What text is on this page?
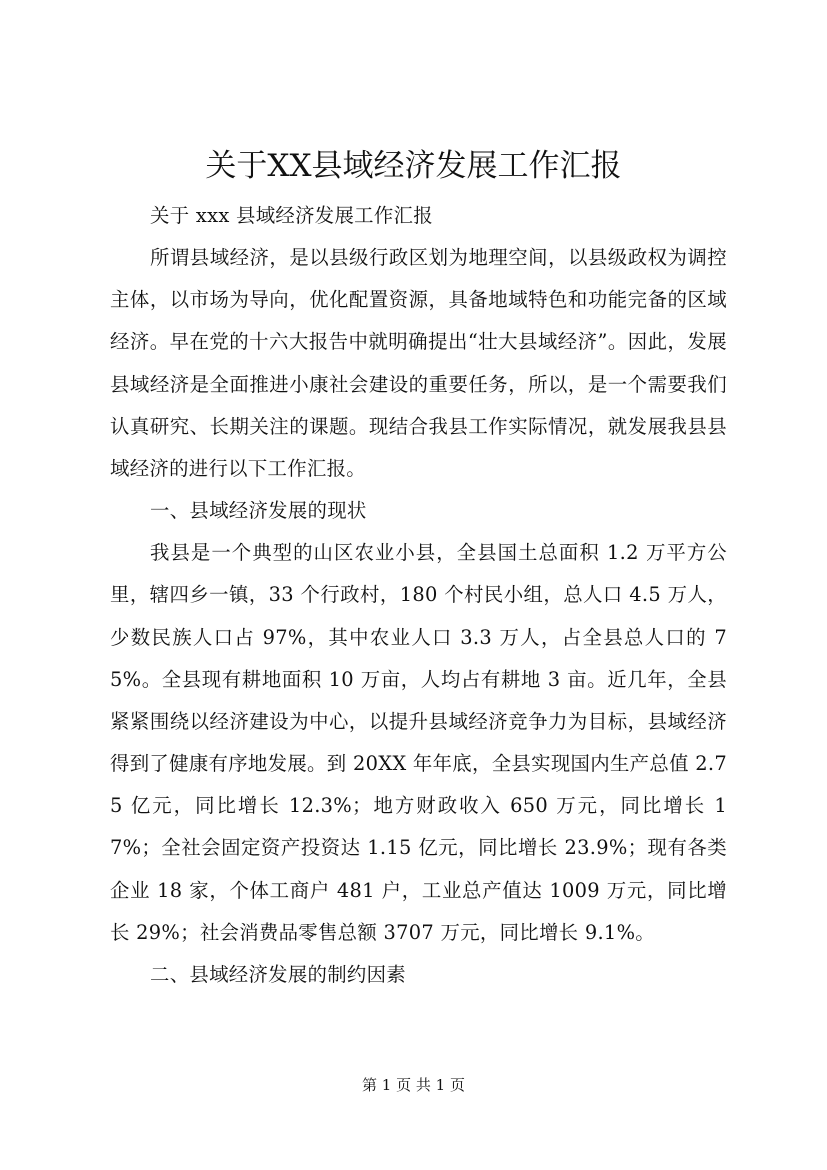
关于XX县域经济发展工作汇报

关于 xxx 县域经济发展工作汇报

所谓县域经济，是以县级行政区划为地理空间，以县级政权为调控主体，以市场为导向，优化配置资源，具备地域特色和功能完备的区域经济。早在党的十六大报告中就明确提出“壮大县域经济”。因此，发展县域经济是全面推进小康社会建设的重要任务，所以，是一个需要我们认真研究、长期关注的课题。现结合我县工作实际情况，就发展我县县域经济的进行以下工作汇报。

一、县域经济发展的现状

我县是一个典型的山区农业小县，全县国土总面积 1.2 万平方公里，辖四乡一镇，33 个行政村，180 个村民小组，总人口 4.5 万人，少数民族人口占 97%，其中农业人口 3.3 万人，占全县总人口的 75%。全县现有耕地面积 10 万亩，人均占有耕地 3 亩。近几年，全县紧紧围绕以经济建设为中心，以提升县域经济竞争力为目标，县域经济得到了健康有序地发展。到 20XX 年年底，全县实现国内生产总值 2.75 亿元，同比增长 12.3%；地方财政收入 650 万元，同比增长 17%；全社会固定资产投资达 1.15 亿元，同比增长 23.9%；现有各类企业 18 家，个体工商户 481 户，工业总产值达 1009 万元，同比增长 29%；社会消费品零售总额 3707 万元，同比增长 9.1%。

二、县域经济发展的制约因素

第 1 页 共 1 页
